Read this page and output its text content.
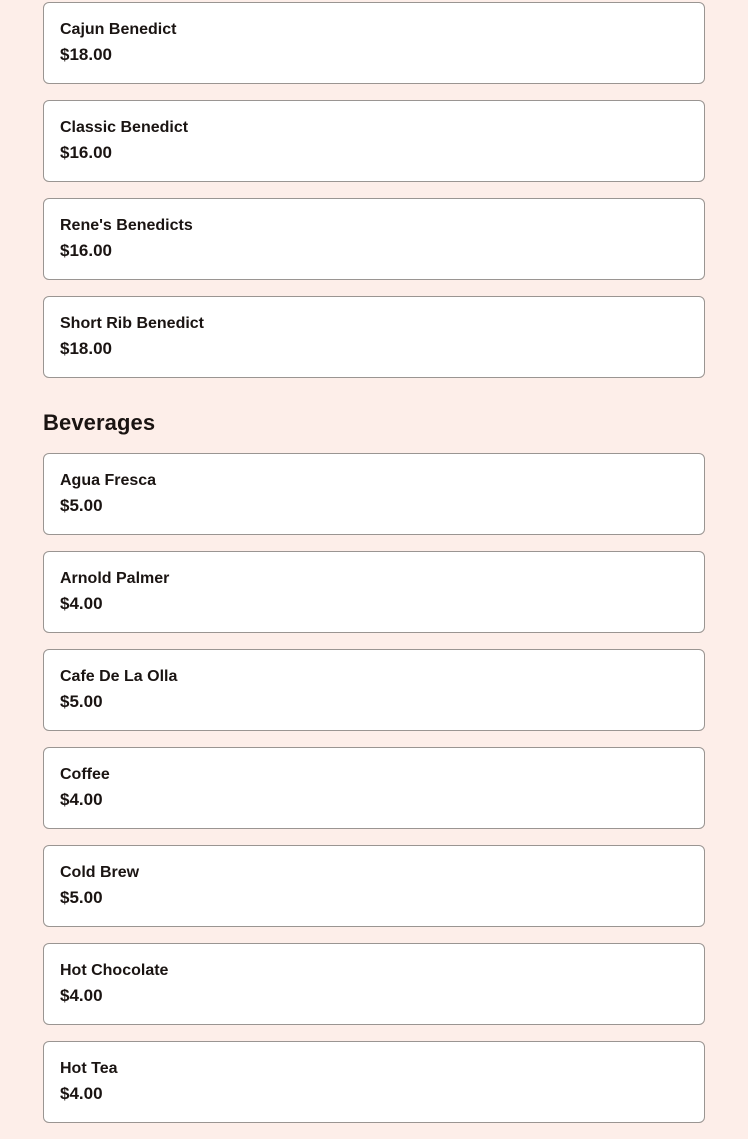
Cajun Benedict
$18.00
Classic Benedict
$16.00
Rene's Benedicts
$16.00
Short Rib Benedict
$18.00
Beverages
Agua Fresca
$5.00
Arnold Palmer
$4.00
Cafe De La Olla
$5.00
Coffee
$4.00
Cold Brew
$5.00
Hot Chocolate
$4.00
Hot Tea
$4.00
